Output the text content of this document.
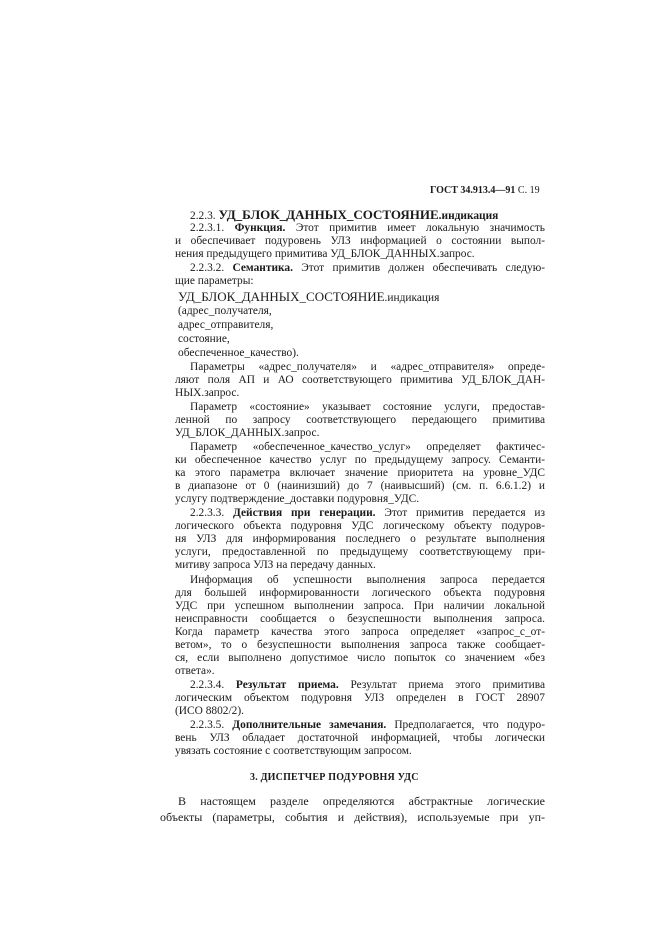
ГОСТ 34.913.4—91 С. 19
2.2.3. УД_БЛОК_ДАННЫХ_СОСТОЯНИЕ.индикация
2.2.3.1. Функция. Этот примитив имеет локальную значимость
и обеспечивает подуровень УЛЗ информацией о состоянии выпол-
нения предыдущего примитива УД_БЛОК_ДАННЫХ.запрос.
2.2.3.2. Семантика. Этот примитив должен обеспечивать следую-
щие параметры:
УД_БЛОК_ДАННЫХ_СОСТОЯНИЕ.индикация
(адрес_получателя,
адрес_отправителя,
состояние,
обеспеченное_качество).
Параметры «адрес_получателя» и «адрес_отправителя» опреде-
ляют поля АП и АО соответствующего примитива УД_БЛОК_ДАН-
НЫХ.запрос.
Параметр «состояние» указывает состояние услуги, предостав-
ленной по запросу соответствующего передающего примитива
УД_БЛОК_ДАННЫХ.запрос.
Параметр «обеспеченное_качество_услуг» определяет фактичес-
ки обеспеченное качество услуг по предыдущему запросу. Семанти-
ка этого параметра включает значение приоритета на уровне_УДС
в диапазоне от 0 (наинизший) до 7 (наивысший) (см. п. 6.6.1.2) и
услугу подтверждение_доставки подуровня_УДС.
2.2.3.3. Действия при генерации. Этот примитив передается из
логического объекта подуровня УДС логическому объекту подуров-
ня УЛЗ для информирования последнего о результате выполнения
услуги, предоставленной по предыдущему соответствующему при-
митиву запроса УЛЗ на передачу данных.
Информация об успешности выполнения запроса передается
для большей информированности логического объекта подуровня
УДС при успешном выполнении запроса. При наличии локальной
неисправности сообщается о безуспешности выполнения запроса.
Когда параметр качества этого запроса определяет «запрос_с_от-
ветом», то о безуспешности выполнения запроса также сообщает-
ся, если выполнено допустимое число попыток со значением «без
ответа».
2.2.3.4. Результат приема. Результат приема этого примитива
логическим объектом подуровня УЛЗ определен в ГОСТ 28907
(ИСО 8802/2).
2.2.3.5. Дополнительные замечания. Предполагается, что подуро-
вень УЛЗ обладает достаточной информацией, чтобы логически
увязать состояние с соответствующим запросом.
3. ДИСПЕТЧЕР ПОДУРОВНЯ УДС
В настоящем разделе определяются абстрактные логические
объекты (параметры, события и действия), используемые при уп-
